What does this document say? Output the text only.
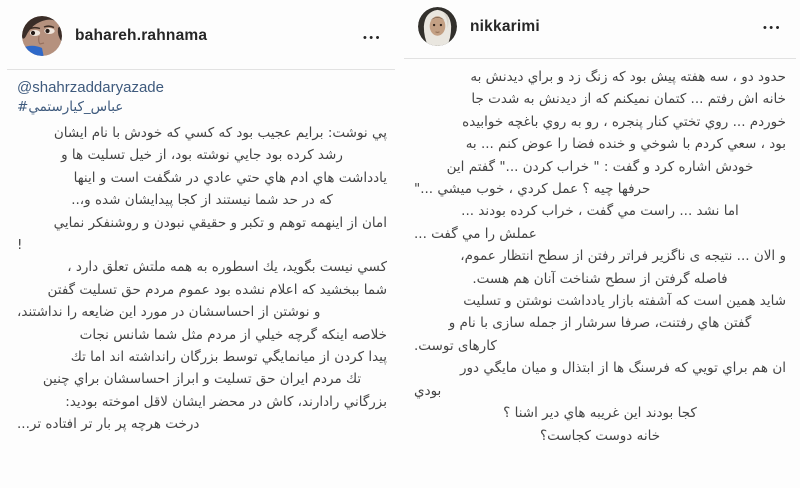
bahareh.rahnama	•••
@shahrzaddaryazade
#عباس_كيارستمي
پي نوشت: برايم عجيب بود كه كسي كه خودش با نام ايشان
رشد كرده بود جايي نوشته بود، از خيل تسليت ها و
يادداشت هاي ادم هاي حتي عادي در شگفت است و اينها
كه در حد شما نيستند از كجا پيدايشان شده و،..
امان از اينهمه توهم و تكبر و حقيقي نبودن و روشنفكر نمايي
!
كسي نيست بگويد، يك اسطوره به همه ملتش تعلق دارد ،
شما ببخشيد كه اعلام نشده بود عموم مردم حق تسليت گفتن
و نوشتن از احساسشان در مورد اين ضايعه را نداشتند،
خلاصه اينكه گرچه خيلي از مردم مثل شما شانس نجات
پيدا كردن از ميانمايگي توسط بزرگان رانداشته اند اما تك
تك مردم ايران حق تسليت و ابراز احساسشان براي چنين
بزرگاني رادارند، كاش در محضر ايشان لاقل اموخته بوديد:
درخت هرچه پر بار تر افتاده تر...
nikkarimi	•••
حدود دو ، سه هفته پيش بود كه زنگ زد و براي ديدنش به
خانه اش رفتم ... كتمان نميكنم كه از ديدنش به شدت جا
خوردم ... روي تختي كنار پنجره ، رو به روي باغچه خوابيده
بود ، سعي كردم با شوخي و خنده فضا را عوض كنم ... به
خودش اشاره كرد و گفت : " خراب كردن ..." گفتم اين
حرفها چيه ؟ عمل كردي ، خوب ميشي ..."
اما نشد ... راست مي گفت ، خراب كرده بودند ...
عملش را مي گفت ...
و الان ... نتيجه ى ناگزير فراتر رفتن از سطح انتظار عموم،
فاصله گرفتن از سطح شناخت آنان هم هست.
شايد همين است كه آشفته بازار يادداشت نوشتن و تسليت
گفتن هاي رفتنت، صرفا سرشار از جمله سازى با نام و
كارهاى توست.
ان هم براي تويي كه فرسنگ ها از ابتذال و ميان مايگي دور
بودي
كجا بودند اين غريبه هاي دير اشنا ؟
خانه دوست كجاست؟
